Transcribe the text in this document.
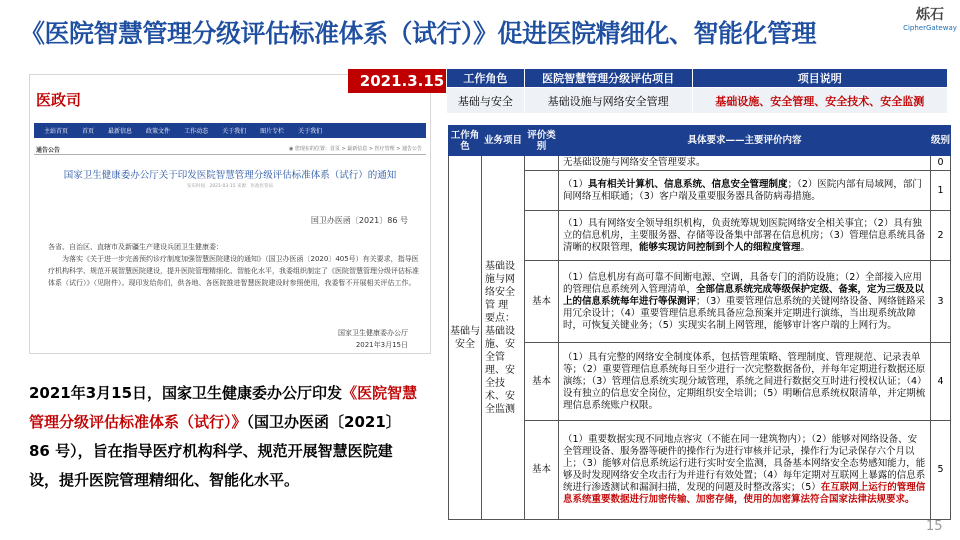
《医院智慧管理分级评估标准体系（试行）》促进医院精细化、智能化管理
烁石
CipherGateway
2021.3.15
医政司
主站首页 首页 最新信息 政策文件 工作动态 关于我们 图片专栏 关于我们
通告公告	◉ 您现在的位置：首页 > 最新信息 > 医疗管理 > 通告公告
国家卫生健康委办公厅关于印发医院智慧管理分级评估标准体系（试行）的通知
发布时间：2021-03-15 来源：医政医管局
国卫办医函〔2021〕86 号
各省、自治区、直辖市及新疆生产建设兵团卫生健康委：
　　为落实《关于进一步完善预约诊疗制度加强智慧医院建设的通知》（国卫办医函〔2020〕405号）有关要求，指导医疗机构科学、规范开展智慧医院建设，提升医院管理精细化、智能化水平，我委组织制定了《医院智慧管理分级评估标准体系（试行）》（见附件）。现印发给你们，供各地、各医院推进智慧医院建设时参照使用，我委暂不开展相关评估工作。
国家卫生健康委办公厅
2021年3月15日
2021年3月15日，国家卫生健康委办公厅印发《医院智慧管理分级评估标准体系（试行）》（国卫办医函〔2021〕86 号），旨在指导医疗机构科学、规范开展智慧医院建设，提升医院管理精细化、智能化水平。
工作角色	医院智慧管理分级评估项目	项目说明
基础与安全	基础设施与网络安全管理	基础设施、安全管理、安全技术、安全监测
工作角色	业务项目	评价类别	具体要求——主要评价内容	级别
基础与安全	基础设施与网络安全管 理 要点：基础设施、安全管理、安全技术、安全监测		无基础设施与网络安全管理要求。	0
			（1）具有相关计算机、信息系统、信息安全管理制度；（2）医院内部有局域网，部门间网络互相联通；（3）客户端及重要服务器具备防病毒措施。	1
			（1）具有网络安全领导组织机构，负责统筹规划医院网络安全相关事宜；（2）具有独立的信息机房，主要服务器、存储等设备集中部署在信息机房；（3）管理信息系统具备清晰的权限管理，能够实现访问控制到个人的细粒度管理。	2
		基本	（1）信息机房有高可靠不间断电源、空调，具备专门的消防设施；（2）全部接入应用的管理信息系统列入管理清单，全部信息系统完成等级保护定级、备案，定为三级及以上的信息系统每年进行等保测评；（3）重要管理信息系统的关键网络设备、网络链路采用冗余设计；（4）重要管理信息系统具备应急预案并定期进行演练，当出现系统故障时，可恢复关键业务；（5）实现实名制上网管理，能够审计客户端的上网行为。	3
		基本	（1）具有完整的网络安全制度体系，包括管理策略、管理制度、管理规范、记录表单等；（2）重要管理信息系统每日至少进行一次完整数据备份，并每年定期进行数据还原演练；（3）管理信息系统实现分域管理，系统之间进行数据交互时进行授权认证；（4）设有独立的信息安全岗位，定期组织安全培训；（5）明晰信息系统权限清单，并定期梳理信息系统账户权限。	4
		基本	（1）重要数据实现不同地点容灾（不能在同一建筑物内）；（2）能够对网络设备、安全管理设备、服务器等硬件的操作行为进行审核并记录，操作行为记录保存六个月以上；（3）能够对信息系统运行进行实时安全监测，具备基本网络安全态势感知能力，能够及时发现网络安全攻击行为并进行有效处置；（4）每年定期对互联网上暴露的信息系统进行渗透测试和漏洞扫描，发现的问题及时整改落实；（5）在互联网上运行的管理信息系统重要数据进行加密传输、加密存储，使用的加密算法符合国家法律法规要求。	5
15
